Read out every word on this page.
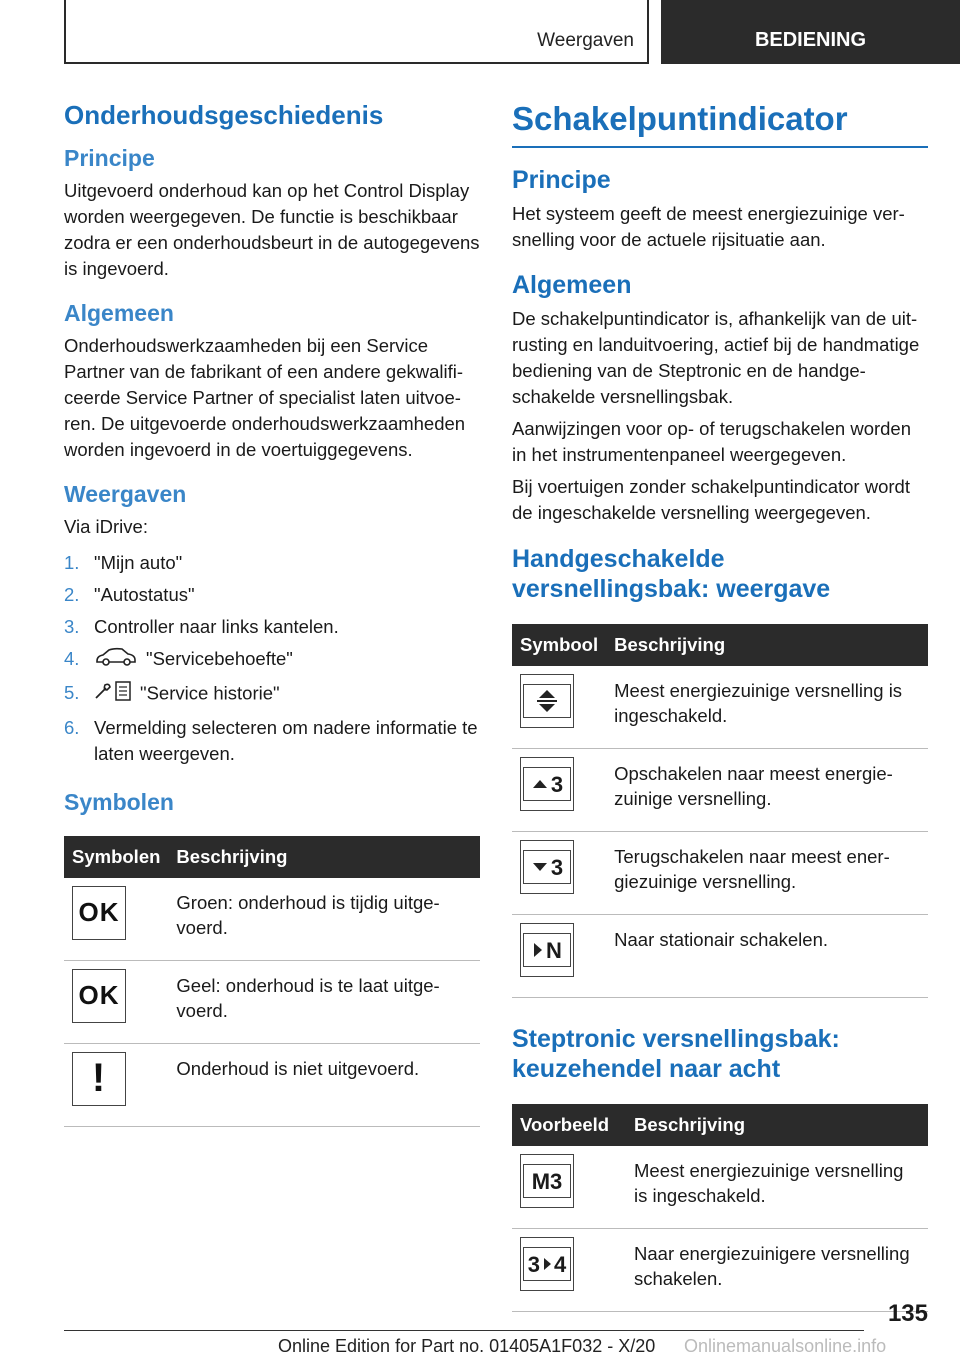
Weergaven	BEDIENING
Onderhoudsgeschiedenis
Principe

Uitgevoerd onderhoud kan op het Control Display worden weergegeven. De functie is beschikbaar zodra er een onderhoudsbeurt in de autogegevens is ingevoerd.

Algemeen

Onderhoudswerkzaamheden bij een Service Partner van de fabrikant of een andere gekwalificeerde Service Partner of specialist laten uitvoeren. De uitgevoerde onderhoudswerkzaamheden worden ingevoerd in de voertuiggegevens.

Weergaven

Via iDrive:

1. "Mijn auto"
2. "Autostatus"
3. Controller naar links kantelen.
4.	"Servicebehoefte"
5.	"Service historie"
6. Vermelding selecteren om nadere informatie te laten weergeven.
Symbolen
Symbolen	Beschrijving

OK	Groen: onderhoud is tijdig uitgevoerd.

OK	Geel: onderhoud is te laat uitgevoerd.

!	Onderhoud is niet uitgevoerd.
Schakelpuntindicator
Principe

Het systeem geeft de meest energiezuinige versnelling voor de actuele rijsituatie aan.

Algemeen

De schakelpuntindicator is, afhankelijk van de uitrusting en landuitvoering, actief bij de handmatige bediening van de Steptronic en de handgeschakelde versnellingsbak.

Aanwijzingen voor op- of terugschakelen worden in het instrumentenpaneel weergegeven.

Bij voertuigen zonder schakelpuntindicator wordt de ingeschakelde versnelling weergegeven.

Handgeschakelde versnellingsbak: weergave
Symbool	Beschrijving

	Meest energiezuinige versnelling is ingeschakeld.

3	Opschakelen naar meest energiezuinige versnelling.

3	Terugschakelen naar meest energiezuinige versnelling.

N	Naar stationair schakelen.
Steptronic versnellingsbak: keuzehendel naar acht
Voorbeeld	Beschrijving

M3	Meest energiezuinige versnelling is ingeschakeld.

3 4	Naar energiezuinigere versnelling schakelen.
135
Online Edition for Part no. 01405A1F032 - X/20 Onlinemanualsonline.info
